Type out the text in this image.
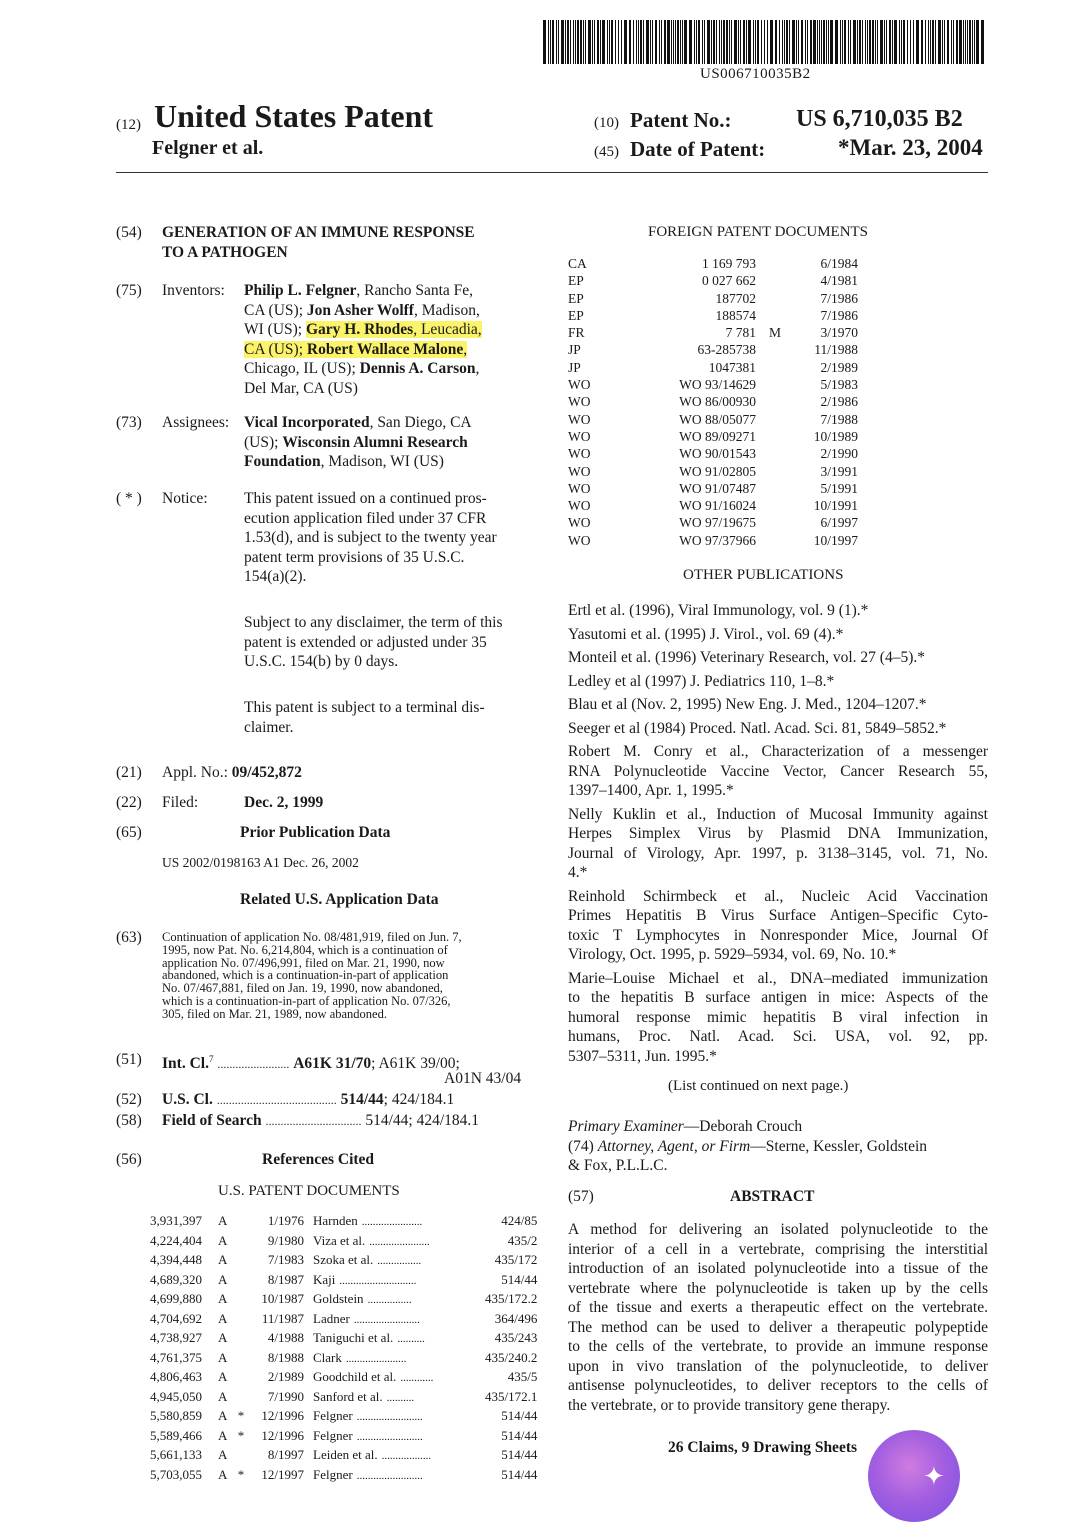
US006710035B2
(12) United States Patent
Felgner et al.
(10) Patent No.:	US 6,710,035 B2
(45) Date of Patent:	*Mar. 23, 2004
(54) GENERATION OF AN IMMUNE RESPONSE
TO A PATHOGEN
(75) Inventors: Philip L. Felgner, Rancho Santa Fe,
CA (US); Jon Asher Wolff, Madison,
WI (US); Gary H. Rhodes, Leucadia,
CA (US); Robert Wallace Malone,
Chicago, IL (US); Dennis A. Carson,
Del Mar, CA (US)
(73) Assignees: Vical Incorporated, San Diego, CA
(US); Wisconsin Alumni Research
Foundation, Madison, WI (US)
( * ) Notice: This patent issued on a continued pros-
ecution application filed under 37 CFR
1.53(d), and is subject to the twenty year
patent term provisions of 35 U.S.C.
154(a)(2).
Subject to any disclaimer, the term of this
patent is extended or adjusted under 35
U.S.C. 154(b) by 0 days.
This patent is subject to a terminal dis-
claimer.
(21) Appl. No.: 09/452,872
(22) Filed:	Dec. 2, 1999
(65)	Prior Publication Data
US 2002/0198163 A1 Dec. 26, 2002
Related U.S. Application Data
(63) Continuation of application No. 08/481,919, filed on Jun. 7,
1995, now Pat. No. 6,214,804, which is a continuation of
application No. 07/496,991, filed on Mar. 21, 1990, now
abandoned, which is a continuation-in-part of application
No. 07/467,881, filed on Jan. 19, 1990, now abandoned,
which is a continuation-in-part of application No. 07/326,
305, filed on Mar. 21, 1989, now abandoned.
(51) Int. Cl.$^7$ ........................ A61K 31/70; A61K 39/00;
A01N 43/04
(52) U.S. Cl. ........................................ 514/44; 424/184.1
(58) Field of Search ................................ 514/44; 424/184.1
(56)	References Cited
U.S. PATENT DOCUMENTS
3,931,397	A		1/1976	Harnden ......................	424/85
4,224,404	A		9/1980	Viza et al. ......................	435/2
4,394,448	A		7/1983	Szoka et al. ................	435/172
4,689,320	A		8/1987	Kaji ............................	514/44
4,699,880	A		10/1987	Goldstein ................	435/172.2
4,704,692	A		11/1987	Ladner ........................	364/496
4,738,927	A		4/1988	Taniguchi et al. ..........	435/243
4,761,375	A		8/1988	Clark ......................	435/240.2
4,806,463	A		2/1989	Goodchild et al. ............	435/5
4,945,050	A		7/1990	Sanford et al. ..........	435/172.1
5,580,859	A	*	12/1996	Felgner ........................	514/44
5,589,466	A	*	12/1996	Felgner ........................	514/44
5,661,133	A		8/1997	Leiden et al. ..................	514/44
5,703,055	A	*	12/1997	Felgner ........................	514/44
FOREIGN PATENT DOCUMENTS
CA	1 169 793		6/1984
EP	0 027 662		4/1981
EP	187702		7/1986
EP	188574		7/1986
FR	7 781	M	3/1970
JP	63-285738		11/1988
JP	1047381		2/1989
WO	WO 93/14629		5/1983
WO	WO 86/00930		2/1986
WO	WO 88/05077		7/1988
WO	WO 89/09271		10/1989
WO	WO 90/01543		2/1990
WO	WO 91/02805		3/1991
WO	WO 91/07487		5/1991
WO	WO 91/16024		10/1991
WO	WO 97/19675		6/1997
WO	WO 97/37966		10/1997
OTHER PUBLICATIONS
Ertl et al. (1996), Viral Immunology, vol. 9 (1).*
Yasutomi et al. (1995) J. Virol., vol. 69 (4).*
Monteil et al. (1996) Veterinary Research, vol. 27 (4–5).*
Ledley et al (1997) J. Pediatrics 110, 1–8.*
Blau et al (Nov. 2, 1995) New Eng. J. Med., 1204–1207.*
Seeger et al (1984) Proced. Natl. Acad. Sci. 81, 5849–5852.*
Robert M. Conry et al., Characterization of a messenger
RNA Polynucleotide Vaccine Vector, Cancer Research 55,
1397–1400, Apr. 1, 1995.*
Nelly Kuklin et al., Induction of Mucosal Immunity against
Herpes Simplex Virus by Plasmid DNA Immunization,
Journal of Virology, Apr. 1997, p. 3138–3145, vol. 71, No.
4.*
Reinhold Schirmbeck et al., Nucleic Acid Vaccination
Primes Hepatitis B Virus Surface Antigen–Specific Cyto-
toxic T Lymphocytes in Nonresponder Mice, Journal Of
Virology, Oct. 1995, p. 5929–5934, vol. 69, No. 10.*
Marie–Louise Michael et al., DNA–mediated immunization
to the hepatitis B surface antigen in mice: Aspects of the
humoral response mimic hepatitis B viral infection in
humans, Proc. Natl. Acad. Sci. USA, vol. 92, pp.
5307–5311, Jun. 1995.*
(List continued on next page.)
Primary Examiner—Deborah Crouch
(74) Attorney, Agent, or Firm—Sterne, Kessler, Goldstein
& Fox, P.L.L.C.
(57)	ABSTRACT
A method for delivering an isolated polynucleotide to the
interior of a cell in a vertebrate, comprising the interstitial
introduction of an isolated polynucleotide into a tissue of the
vertebrate where the polynucleotide is taken up by the cells
of the tissue and exerts a therapeutic effect on the vertebrate.
The method can be used to deliver a therapeutic polypeptide
to the cells of the vertebrate, to provide an immune response
upon in vivo translation of the polynucleotide, to deliver
antisense polynucleotides, to deliver receptors to the cells of
the vertebrate, or to provide transitory gene therapy.
26 Claims, 9 Drawing Sheets
✦
